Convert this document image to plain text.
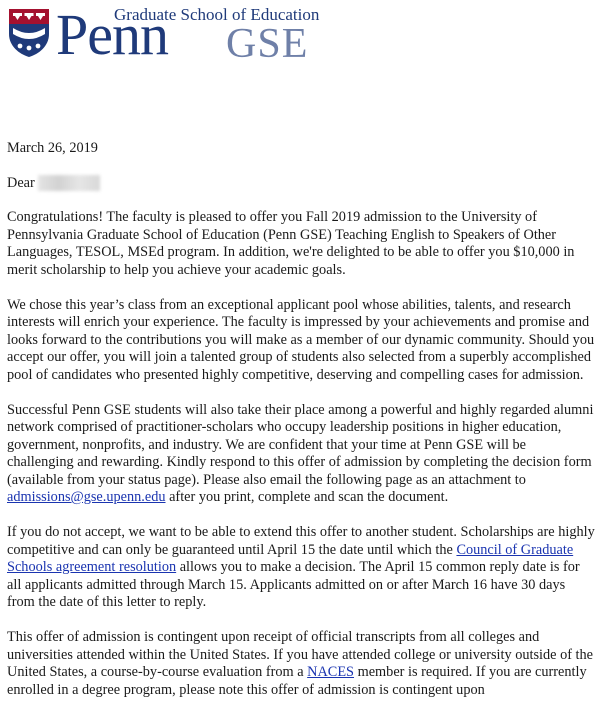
Graduate School of Education
Penn GSE
March 26, 2019
Dear

Congratulations! The faculty is pleased to offer you Fall 2019 admission to the University of Pennsylvania Graduate School of Education (Penn GSE) Teaching English to Speakers of Other Languages, TESOL, MSEd program. In addition, we're delighted to be able to offer you $10,000 in merit scholarship to help you achieve your academic goals.

We chose this year’s class from an exceptional applicant pool whose abilities, talents, and research interests will enrich your experience. The faculty is impressed by your achievements and promise and looks forward to the contributions you will make as a member of our dynamic community. Should you accept our offer, you will join a talented group of students also selected from a superbly accomplished pool of candidates who presented highly competitive, deserving and compelling cases for admission.

Successful Penn GSE students will also take their place among a powerful and highly regarded alumni network comprised of practitioner-scholars who occupy leadership positions in higher education, government, nonprofits, and industry. We are confident that your time at Penn GSE will be challenging and rewarding. Kindly respond to this offer of admission by completing the decision form (available from your status page). Please also email the following page as an attachment to admissions@gse.upenn.edu after you print, complete and scan the document.

If you do not accept, we want to be able to extend this offer to another student. Scholarships are highly competitive and can only be guaranteed until April 15 the date until which the Council of Graduate Schools agreement resolution allows you to make a decision. The April 15 common reply date is for all applicants admitted through March 15. Applicants admitted on or after March 16 have 30 days from the date of this letter to reply.

This offer of admission is contingent upon receipt of official transcripts from all colleges and universities attended within the United States. If you have attended college or university outside of the United States, a course-by-course evaluation from a NACES member is required. If you are currently enrolled in a degree program, please note this offer of admission is contingent upon
